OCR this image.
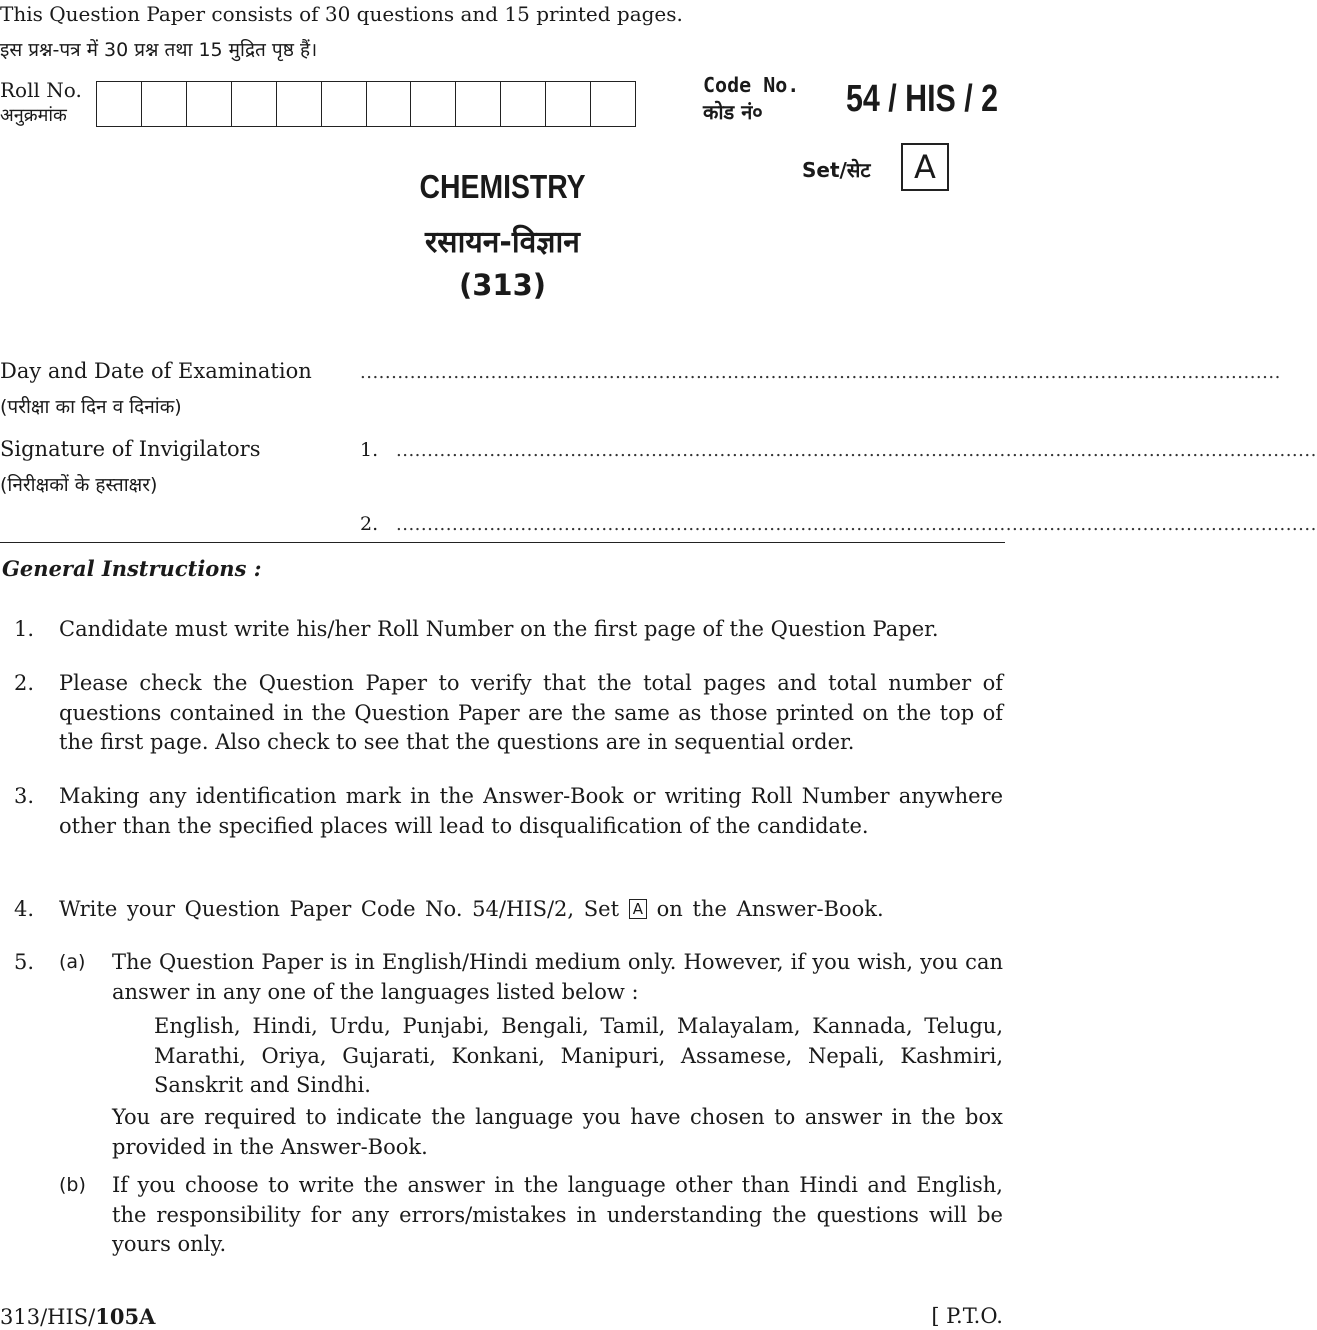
This Question Paper consists of 30 questions and 15 printed pages.
इस प्रश्न-पत्र में 30 प्रश्न तथा 15 मुद्रित पृष्ठ हैं।
Roll No.
अनुक्रमांक
Code No.
कोड नं०	54 / HIS / 2
Set/सेट	A
CHEMISTRY
रसायन-विज्ञान
(313)
Day and Date of Examination
(परीक्षा का दिन व दिनांक)
....................................................................................................................................................
Signature of Invigilators
(निरीक्षकों के हस्ताक्षर)
1. ....................................................................................................................................................
2. ....................................................................................................................................................
General Instructions :
1. Candidate must write his/her Roll Number on the first page of the Question Paper.
2. Please check the Question Paper to verify that the total pages and total number of questions contained in the Question Paper are the same as those printed on the top of the first page. Also check to see that the questions are in sequential order.
3. Making any identification mark in the Answer-Book or writing Roll Number anywhere other than the specified places will lead to disqualification of the candidate.
4. Write your Question Paper Code No. 54/HIS/2, Set A on the Answer-Book.
5. (a) The Question Paper is in English/Hindi medium only. However, if you wish, you can answer in any one of the languages listed below :
English, Hindi, Urdu, Punjabi, Bengali, Tamil, Malayalam, Kannada, Telugu, Marathi, Oriya, Gujarati, Konkani, Manipuri, Assamese, Nepali, Kashmiri, Sanskrit and Sindhi.
You are required to indicate the language you have chosen to answer in the box provided in the Answer-Book.
(b) If you choose to write the answer in the language other than Hindi and English, the responsibility for any errors/mistakes in understanding the questions will be yours only.
313/HIS/105A	[ P.T.O.
